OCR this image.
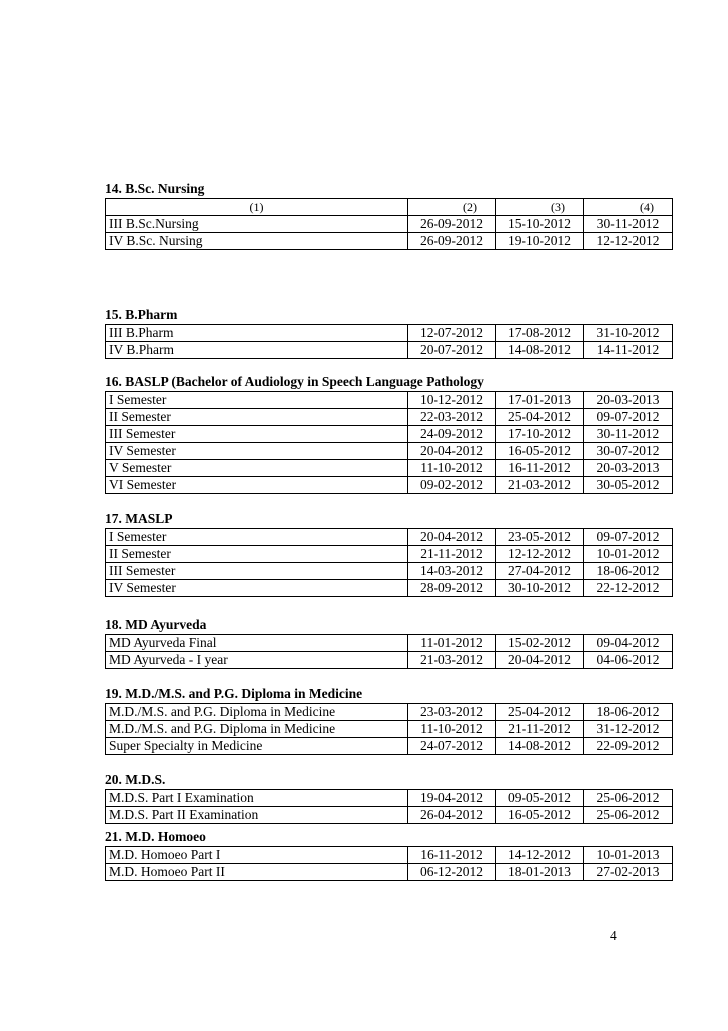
14. B.Sc. Nursing
(1)	(2)	(3)	(4)
III B.Sc.Nursing	26-09-2012	15-10-2012	30-11-2012
IV B.Sc. Nursing	26-09-2012	19-10-2012	12-12-2012
15. B.Pharm
III B.Pharm	12-07-2012	17-08-2012	31-10-2012
IV B.Pharm	20-07-2012	14-08-2012	14-11-2012
16. BASLP (Bachelor of Audiology in Speech Language Pathology
I Semester	10-12-2012	17-01-2013	20-03-2013
II Semester	22-03-2012	25-04-2012	09-07-2012
III Semester	24-09-2012	17-10-2012	30-11-2012
IV Semester	20-04-2012	16-05-2012	30-07-2012
V Semester	11-10-2012	16-11-2012	20-03-2013
VI Semester	09-02-2012	21-03-2012	30-05-2012
17. MASLP
I Semester	20-04-2012	23-05-2012	09-07-2012
II Semester	21-11-2012	12-12-2012	10-01-2012
III Semester	14-03-2012	27-04-2012	18-06-2012
IV Semester	28-09-2012	30-10-2012	22-12-2012
18. MD Ayurveda
MD Ayurveda Final	11-01-2012	15-02-2012	09-04-2012
MD Ayurveda - I year	21-03-2012	20-04-2012	04-06-2012
19. M.D./M.S. and P.G. Diploma in Medicine
M.D./M.S. and P.G. Diploma in Medicine	23-03-2012	25-04-2012	18-06-2012
M.D./M.S. and P.G. Diploma in Medicine	11-10-2012	21-11-2012	31-12-2012
Super Specialty in Medicine	24-07-2012	14-08-2012	22-09-2012
20. M.D.S.
M.D.S. Part I Examination	19-04-2012	09-05-2012	25-06-2012
M.D.S. Part II Examination	26-04-2012	16-05-2012	25-06-2012
21. M.D. Homoeo
M.D. Homoeo Part I	16-11-2012	14-12-2012	10-01-2013
M.D. Homoeo Part II	06-12-2012	18-01-2013	27-02-2013
4
